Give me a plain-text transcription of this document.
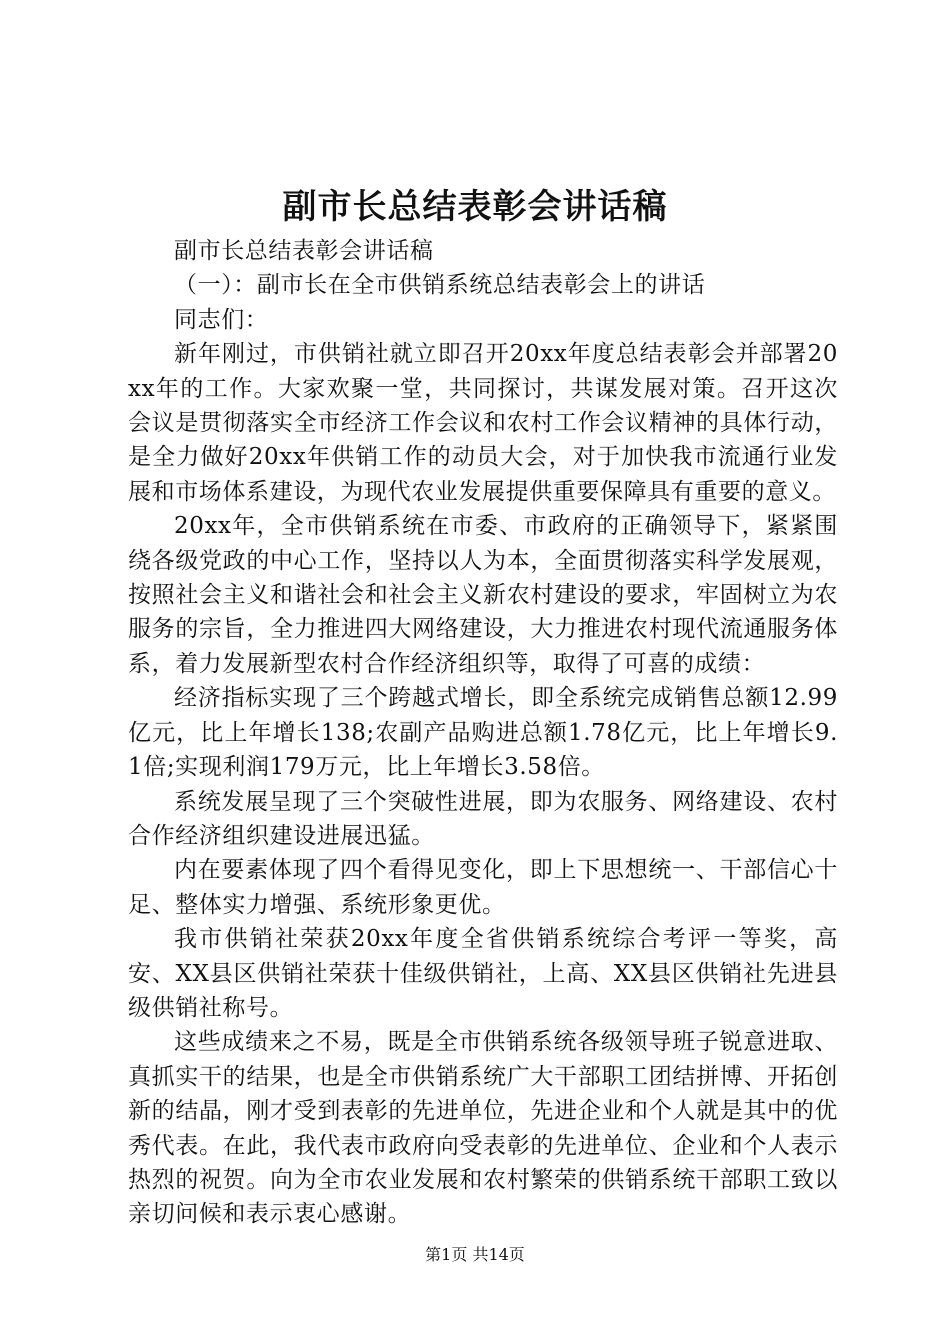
副市长总结表彰会讲话稿

副市长总结表彰会讲话稿

（一）：副市长在全市供销系统总结表彰会上的讲话

同志们：

新年刚过，市供销社就立即召开20xx年度总结表彰会并部署20xx年的工作。大家欢聚一堂，共同探讨，共谋发展对策。召开这次会议是贯彻落实全市经济工作会议和农村工作会议精神的具体行动，是全力做好20xx年供销工作的动员大会，对于加快我市流通行业发展和市场体系建设，为现代农业发展提供重要保障具有重要的意义。

20xx年，全市供销系统在市委、市政府的正确领导下，紧紧围绕各级党政的中心工作，坚持以人为本，全面贯彻落实科学发展观，按照社会主义和谐社会和社会主义新农村建设的要求，牢固树立为农服务的宗旨，全力推进四大网络建设，大力推进农村现代流通服务体系，着力发展新型农村合作经济组织等，取得了可喜的成绩：

经济指标实现了三个跨越式增长，即全系统完成销售总额12.99亿元，比上年增长138;农副产品购进总额1.78亿元，比上年增长9.1倍;实现利润179万元，比上年增长3.58倍。

系统发展呈现了三个突破性进展，即为农服务、网络建设、农村合作经济组织建设进展迅猛。

内在要素体现了四个看得见变化，即上下思想统一、干部信心十足、整体实力增强、系统形象更优。

我市供销社荣获20xx年度全省供销系统综合考评一等奖，高安、XX县区供销社荣获十佳级供销社，上高、XX县区供销社先进县级供销社称号。

这些成绩来之不易，既是全市供销系统各级领导班子锐意进取、真抓实干的结果，也是全市供销系统广大干部职工团结拼博、开拓创新的结晶，刚才受到表彰的先进单位，先进企业和个人就是其中的优秀代表。在此，我代表市政府向受表彰的先进单位、企业和个人表示热烈的祝贺。向为全市农业发展和农村繁荣的供销系统干部职工致以亲切问候和表示衷心感谢。

第1页 共14页
